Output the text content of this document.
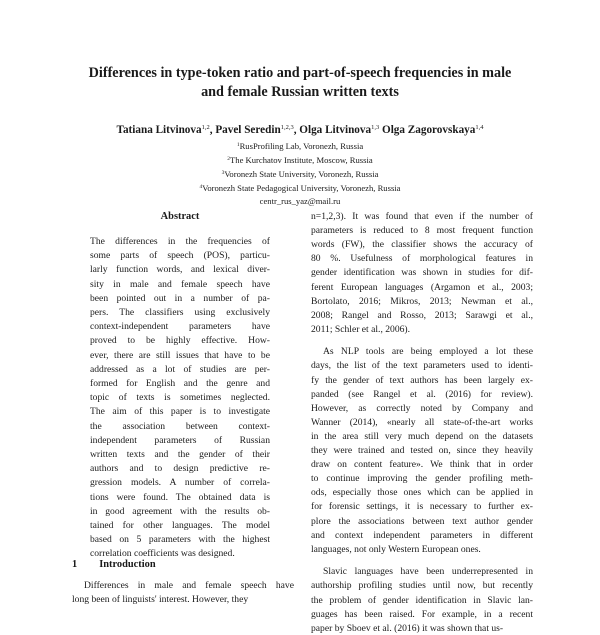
Differences in type-token ratio and part-of-speech frequencies in male
and female Russian written texts
Tatiana Litvinova$^{1,2}$, Pavel Seredin$^{1,2,3}$, Olga Litvinova$^{1,3}$ Olga Zagorovskaya$^{1,4}$
$^1$RusProfiling Lab, Voronezh, Russia
$^2$The Kurchatov Institute, Moscow, Russia
$^3$Voronezh State University, Voronezh, Russia
$^4$Voronezh State Pedagogical University, Voronezh, Russia
centr_rus_yaz@mail.ru
Abstract
The differences in the frequencies of
some parts of speech (POS), particu-
larly function words, and lexical diver-
sity in male and female speech have
been pointed out in a number of pa-
pers. The classifiers using exclusively
context-independent parameters have
proved to be highly effective. How-
ever, there are still issues that have to be
addressed as a lot of studies are per-
formed for English and the genre and
topic of texts is sometimes neglected.
The aim of this paper is to investigate
the association between context-
independent parameters of Russian
written texts and the gender of their
authors and to design predictive re-
gression models. A number of correla-
tions were found. The obtained data is
in good agreement with the results ob-
tained for other languages. The model
based on 5 parameters with the highest
correlation coefficients was designed.
1 Introduction
Differences in male and female speech have
long been of linguists' interest. However, they
n=1,2,3). It was found that even if the number of
parameters is reduced to 8 most frequent function
words (FW), the classifier shows the accuracy of
80 %. Usefulness of morphological features in
gender identification was shown in studies for dif-
ferent European languages (Argamon et al., 2003;
Bortolato, 2016; Mikros, 2013; Newman et al.,
2008; Rangel and Rosso, 2013; Sarawgi et al.,
2011; Schler et al., 2006).
As NLP tools are being employed a lot these
days, the list of the text parameters used to identi-
fy the gender of text authors has been largely ex-
panded (see Rangel et al. (2016) for review).
However, as correctly noted by Company and
Wanner (2014), «nearly all state-of-the-art works
in the area still very much depend on the datasets
they were trained and tested on, since they heavily
draw on content feature». We think that in order
to continue improving the gender profiling meth-
ods, especially those ones which can be applied in
for forensic settings, it is necessary to further ex-
plore the associations between text author gender
and context independent parameters in different
languages, not only Western European ones.
Slavic languages have been underrepresented in
authorship profiling studies until now, but recently
the problem of gender identification in Slavic lan-
guages has been raised. For example, in a recent
paper by Sboev et al. (2016) it was shown that us-
